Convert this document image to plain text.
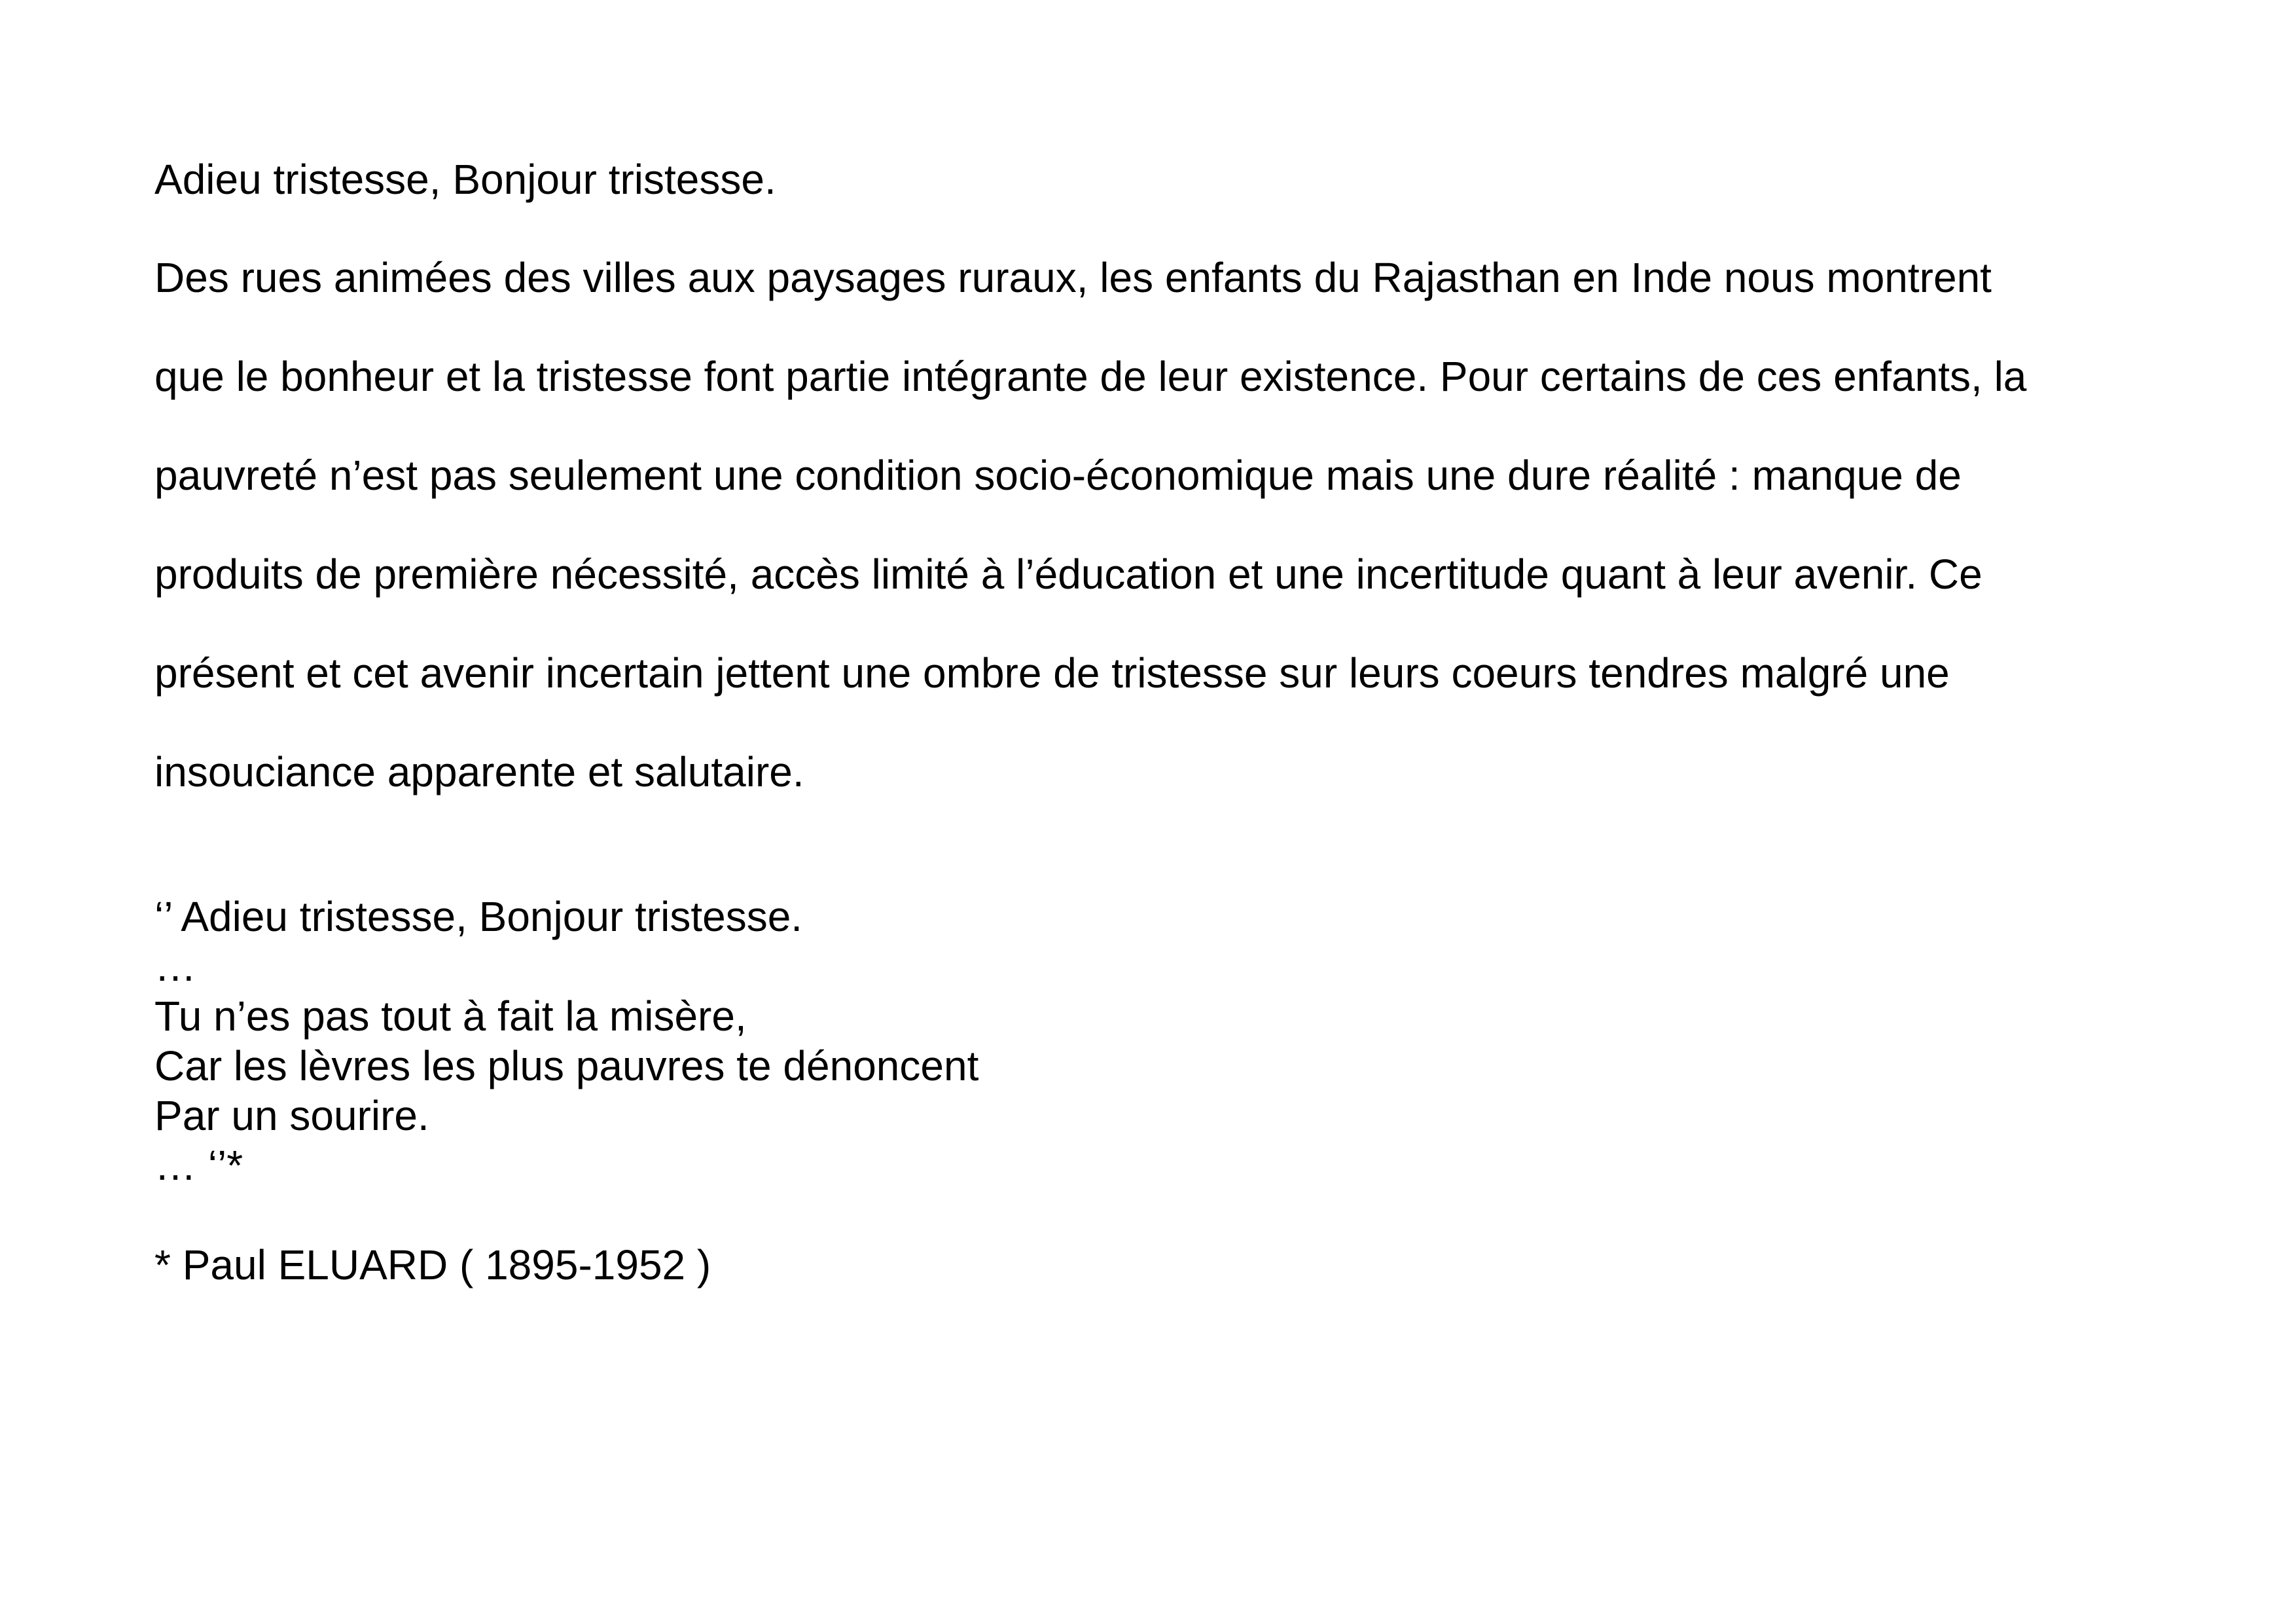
Adieu tristesse, Bonjour tristesse.

Des rues animées des villes aux paysages ruraux, les enfants du Rajasthan en Inde nous montrent

que le bonheur et la tristesse font partie intégrante de leur existence. Pour certains de ces enfants, la

pauvreté n’est pas seulement une condition socio-économique mais une dure réalité : manque de

produits de première nécessité, accès limité à l’éducation et une incertitude quant à leur avenir. Ce

présent et cet avenir incertain jettent une ombre de tristesse sur leurs coeurs tendres malgré une

insouciance apparente et salutaire.

‘’ Adieu tristesse, Bonjour tristesse.

…

Tu n’es pas tout à fait la misère,

Car les lèvres les plus pauvres te dénoncent

Par un sourire.

… ‘’*

* Paul ELUARD ( 1895-1952 )
